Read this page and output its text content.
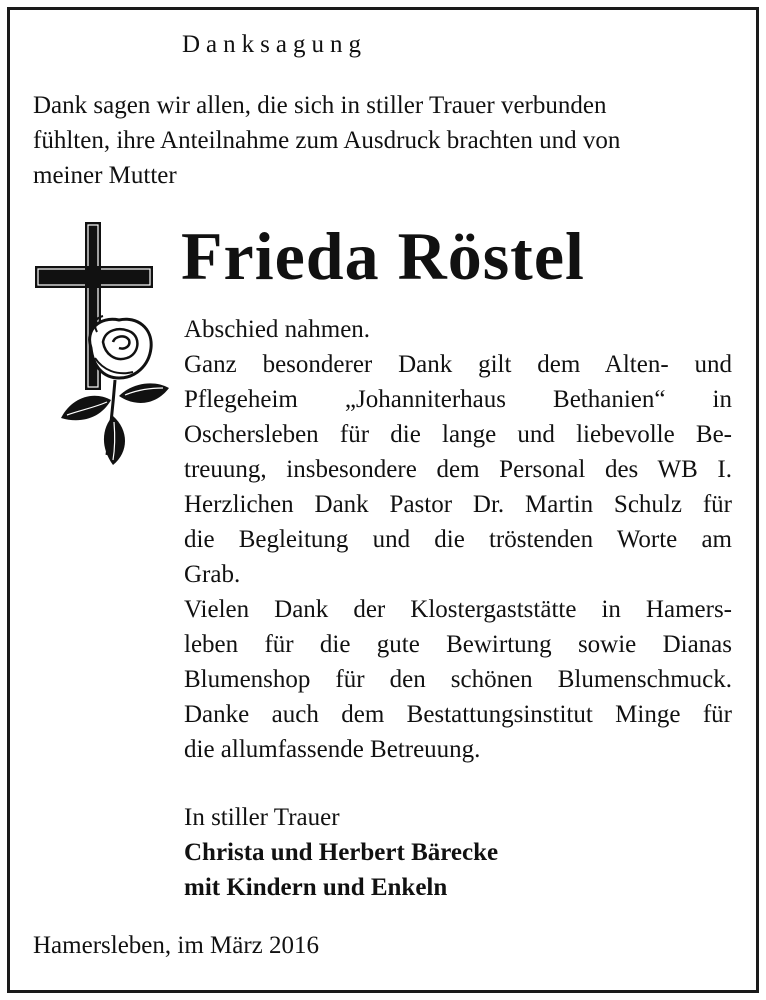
Danksagung
Dank sagen wir allen, die sich in stiller Trauer verbunden
fühlten, ihre Anteilnahme zum Ausdruck brachten und von
meiner Mutter
Frieda Röstel
Abschied nahmen.
Ganz besonderer Dank gilt dem Alten- und
Pflegeheim „Johanniterhaus Bethanien“ in
Oschersleben für die lange und liebevolle Be-
treuung, insbesondere dem Personal des WB I.
Herzlichen Dank Pastor Dr. Martin Schulz für
die Begleitung und die tröstenden Worte am
Grab.
Vielen Dank der Klostergaststätte in Hamers-
leben für die gute Bewirtung sowie Dianas
Blumenshop für den schönen Blumenschmuck.
Danke auch dem Bestattungsinstitut Minge für
die allumfassende Betreuung.
In stiller Trauer
Christa und Herbert Bärecke
mit Kindern und Enkeln
Hamersleben, im März 2016
